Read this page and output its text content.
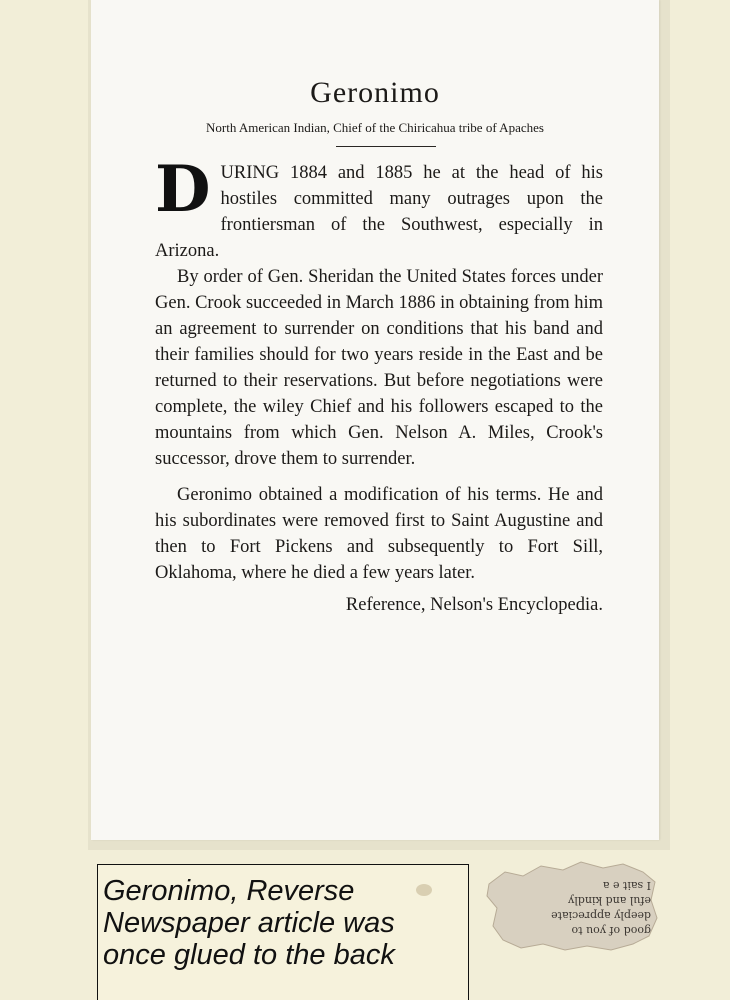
Geronimo
North American Indian, Chief of the Chiricahua tribe of Apaches

DURING 1884 and 1885 he at the head of his hostiles committed many outrages upon the frontiersman of the Southwest, especially in Arizona.

By order of Gen. Sheridan the United States forces under Gen. Crook succeeded in March 1886 in obtaining from him an agreement to surrender on conditions that his band and their families should for two years reside in the East and be returned to their reservations. But before negotiations were complete, the wiley Chief and his followers escaped to the mountains from which Gen. Nelson A. Miles, Crook's successor, drove them to surrender.

Geronimo obtained a modification of his terms. He and his subordinates were removed first to Saint Augustine and then to Fort Pickens and subsequently to Fort Sill, Oklahoma, where he died a few years later.

Reference, Nelson's Encyclopedia.

Geronimo, Reverse
Newspaper article was
once glued to the back
good of you to
deeply appreciate
eful and kindly
I sait e a
